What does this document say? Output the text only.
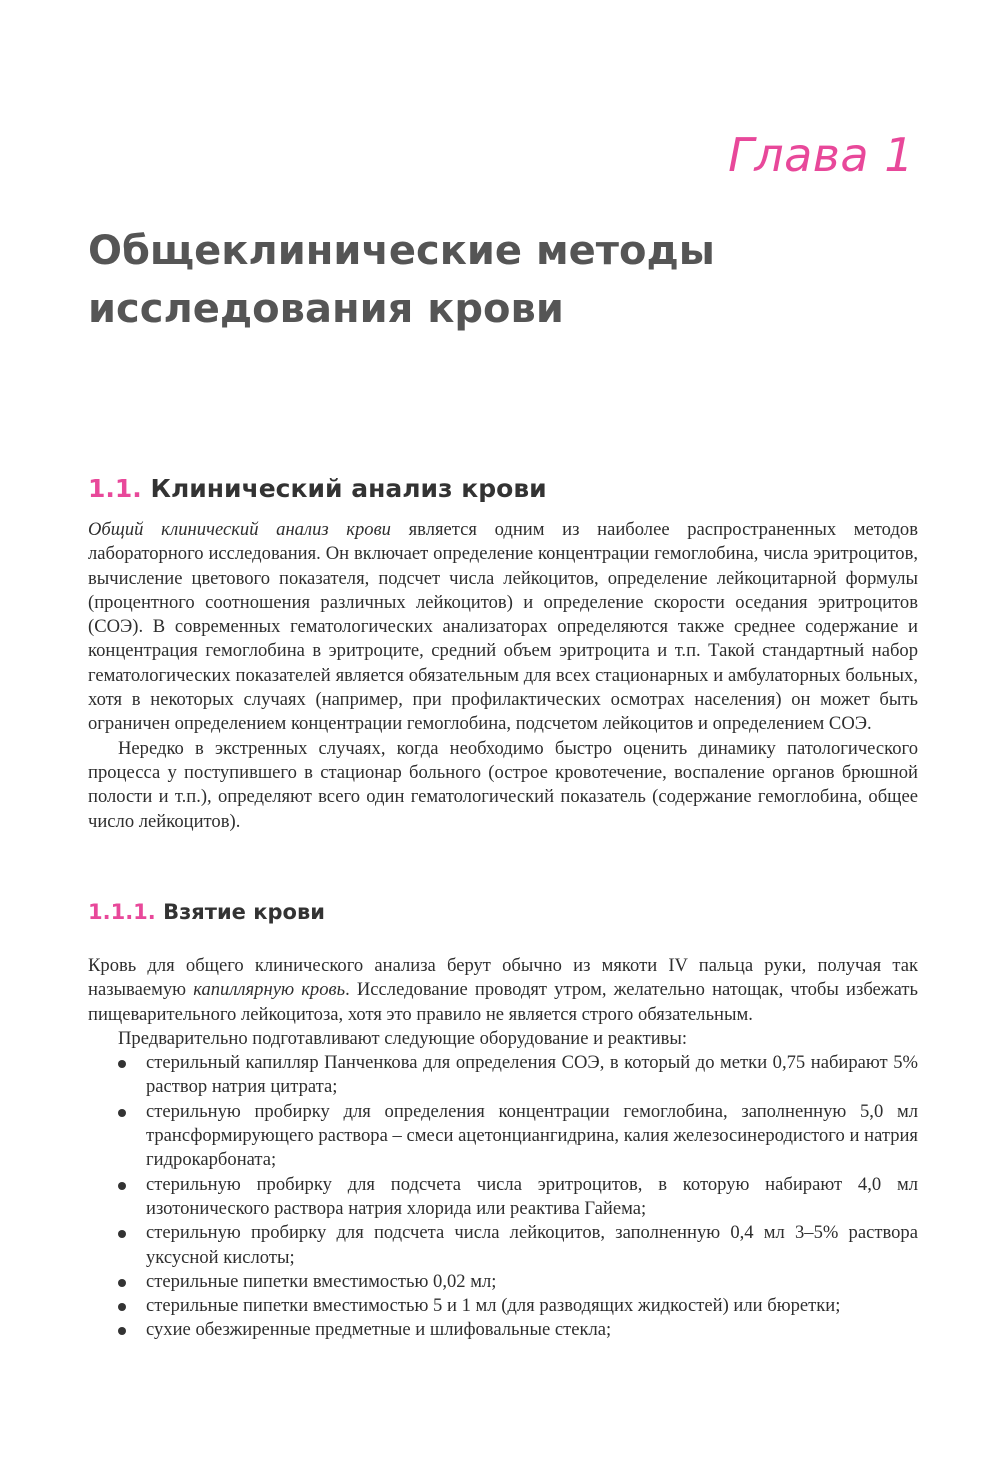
Глава 1
Общеклинические методы
исследования крови
1.1. Клинический анализ крови

Общий клинический анализ крови является одним из наиболее распространенных методов лабораторного исследования. Он включает определение концентрации гемоглобина, числа эритроцитов, вычисление цветового показателя, подсчет числа лейкоцитов, определение лейкоцитарной формулы (процентного соотношения различных лейкоцитов) и определение скорости оседания эритроцитов (СОЭ). В современных гематологических анализаторах определяются также среднее содержание и концентрация гемоглобина в эритроците, средний объем эритроцита и т.п. Такой стандартный набор гематологических показателей является обязательным для всех стационарных и амбулаторных больных, хотя в некоторых случаях (например, при профилактических осмотрах населения) он может быть ограничен определением концентрации гемоглобина, подсчетом лейкоцитов и определением СОЭ.

Нередко в экстренных случаях, когда необходимо быстро оценить динамику патологического процесса у поступившего в стационар больного (острое кровотечение, воспаление органов брюшной полости и т.п.), определяют всего один гематологический показатель (содержание гемоглобина, общее число лейкоцитов).

1.1.1. Взятие крови

Кровь для общего клинического анализа берут обычно из мякоти IV пальца руки, получая так называемую капиллярную кровь. Исследование проводят утром, желательно натощак, чтобы избежать пищеварительного лейкоцитоза, хотя это правило не является строго обязательным.

Предварительно подготавливают следующие оборудование и реактивы:

стерильный капилляр Панченкова для определения СОЭ, в который до метки 0,75 набирают 5% раствор натрия цитрата;
стерильную пробирку для определения концентрации гемоглобина, заполненную 5,0 мл трансформирующего раствора – смеси ацетонциангидрина, калия железосинеродистого и натрия гидрокарбоната;
стерильную пробирку для подсчета числа эритроцитов, в которую набирают 4,0 мл изотонического раствора натрия хлорида или реактива Гайема;
стерильную пробирку для подсчета числа лейкоцитов, заполненную 0,4 мл 3–5% раствора уксусной кислоты;
стерильные пипетки вместимостью 0,02 мл;
стерильные пипетки вместимостью 5 и 1 мл (для разводящих жидкостей) или бюретки;
сухие обезжиренные предметные и шлифовальные стекла;
